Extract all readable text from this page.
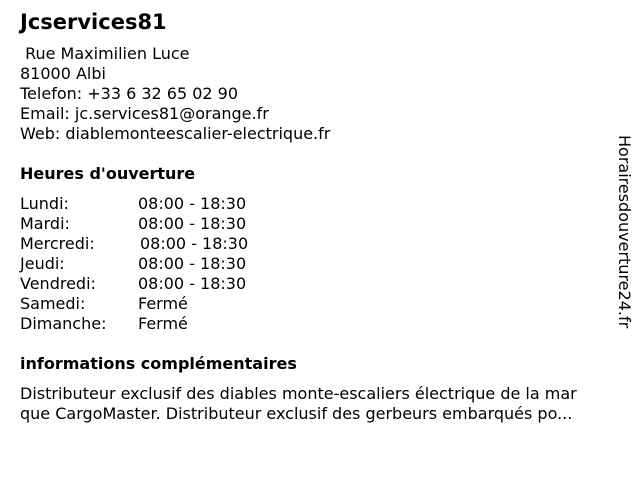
Jcservices81
Rue Maximilien Luce
81000 Albi
Telefon: +33 6 32 65 02 90
Email: jc.services81@orange.fr
Web: diablemonteescalier-electrique.fr
Heures d'ouverture
Lundi:	08:00 - 18:30
Mardi:	08:00 - 18:30
Mercredi:	08:00 - 18:30
Jeudi:	08:00 - 18:30
Vendredi:	08:00 - 18:30
Samedi:	Fermé
Dimanche: Fermé
informations complémentaires
Distributeur exclusif des diables monte-escaliers électrique de la mar
que CargoMaster. Distributeur exclusif des gerbeurs embarqués po...
Horairesdouverture24.fr
